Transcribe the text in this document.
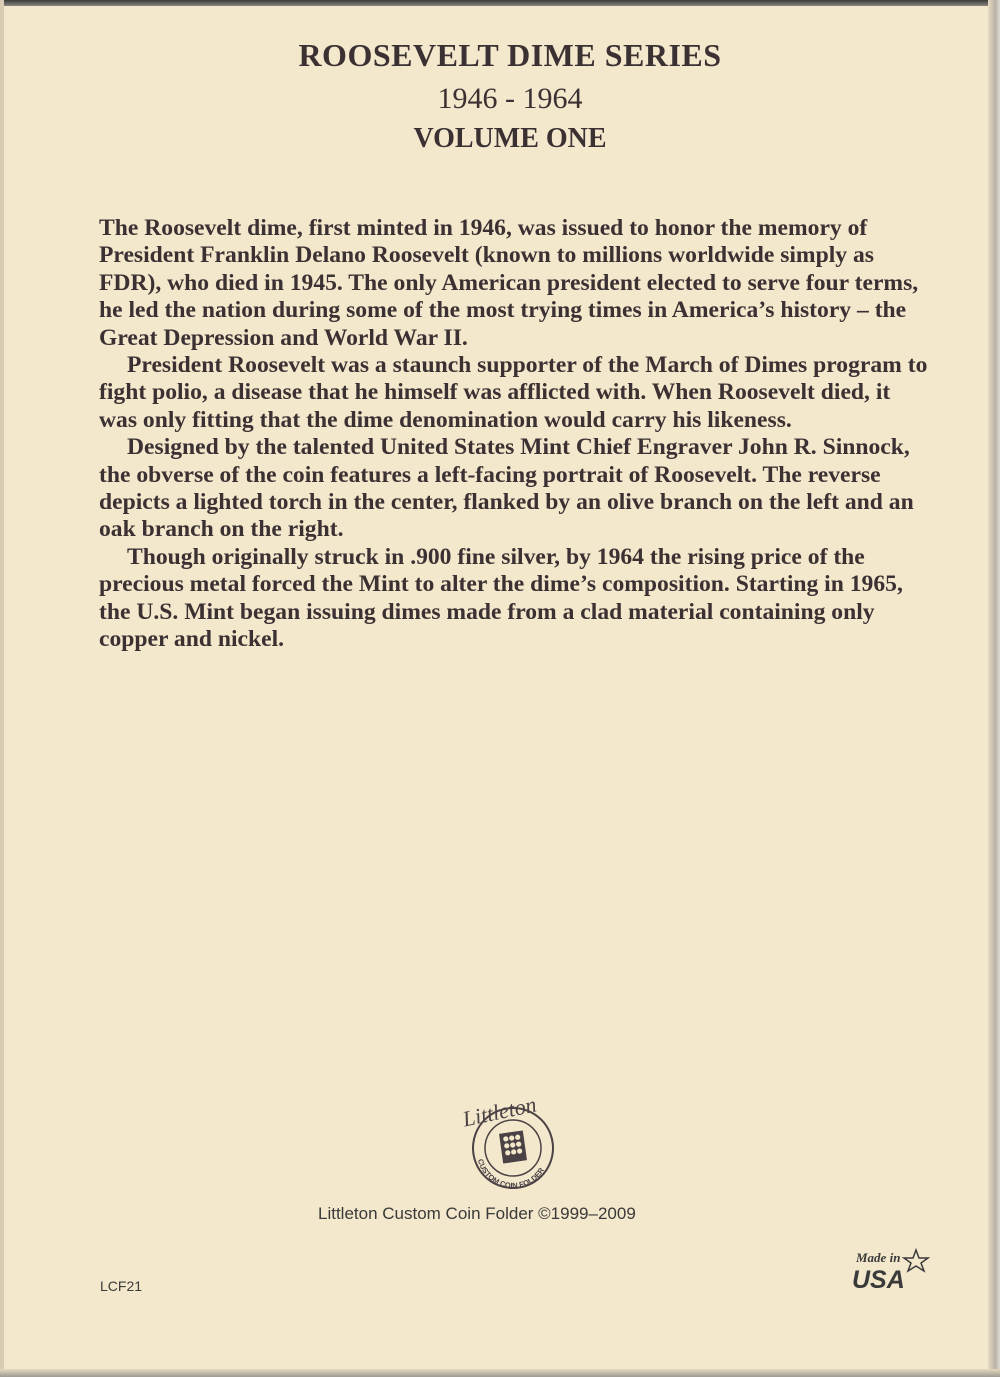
ROOSEVELT DIME SERIES
1946 - 1964
VOLUME ONE

The Roosevelt dime, first minted in 1946, was issued to honor the memory of President Franklin Delano Roosevelt (known to millions worldwide simply as FDR), who died in 1945. The only American president elected to serve four terms, he led the nation during some of the most trying times in America’s history – the Great Depression and World War II.

President Roosevelt was a staunch supporter of the March of Dimes program to fight polio, a disease that he himself was afflicted with. When Roosevelt died, it was only fitting that the dime denomination would carry his likeness.

Designed by the talented United States Mint Chief Engraver John R. Sinnock, the obverse of the coin features a left-facing portrait of Roosevelt. The reverse depicts a lighted torch in the center, flanked by an olive branch on the left and an oak branch on the right.

Though originally struck in .900 fine silver, by 1964 the rising price of the precious metal forced the Mint to alter the dime’s composition. Starting in 1965, the U.S. Mint began issuing dimes made from a clad material containing only copper and nickel.

CUSTOM COIN FOLDER
Littleton
Littleton Custom Coin Folder ©1999–2009
LCF21
Made in
USA
